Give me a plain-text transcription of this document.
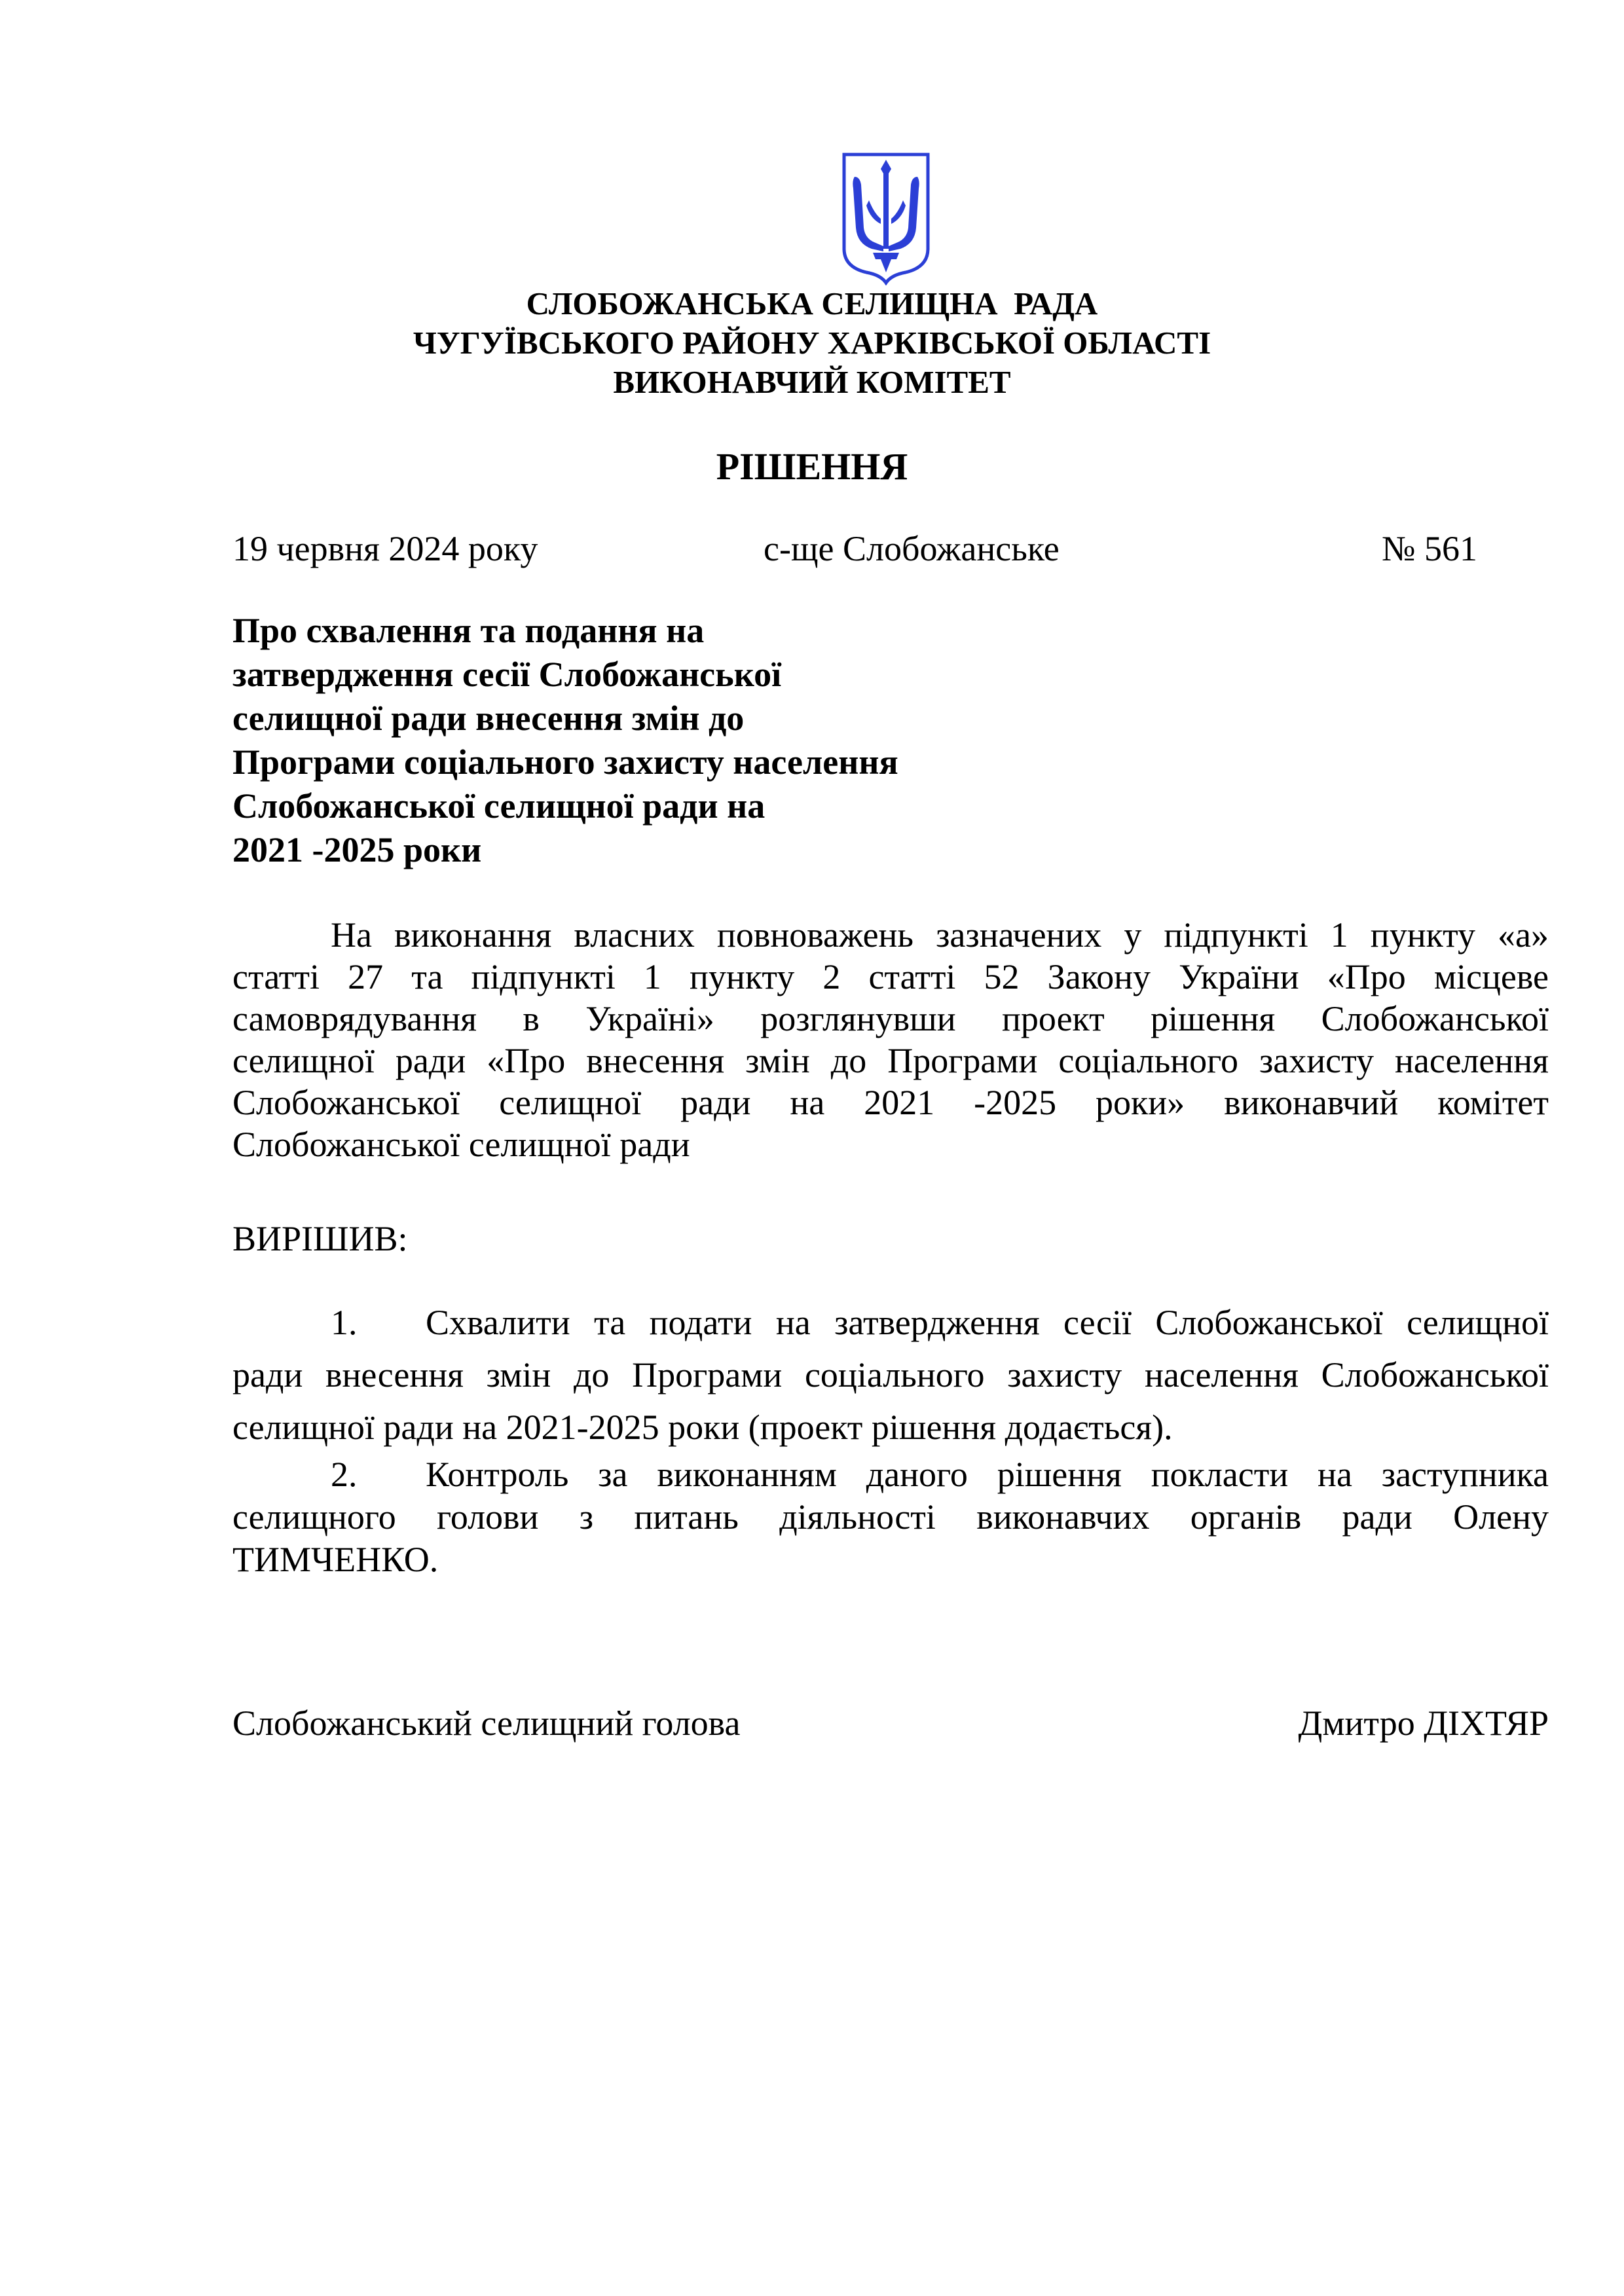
СЛОБОЖАНСЬКА СЕЛИЩНА  РАДА
ЧУГУЇВСЬКОГО РАЙОНУ ХАРКІВСЬКОЇ ОБЛАСТІ
ВИКОНАВЧИЙ КОМІТЕТ
РІШЕННЯ
19 червня 2024 року	с-ще Слобожанське	№ 561
Про схвалення та подання на
затвердження сесії Слобожанської
селищної ради внесення змін до
Програми соціального захисту населення
Слобожанської селищної ради на
2021 -2025 роки
На виконання власних повноважень зазначених у підпункті 1 пункту «а»
статті 27 та підпункті 1 пункту 2 статті 52 Закону України «Про місцеве
самоврядування в Україні» розглянувши проект рішення Слобожанської
селищної ради «Про внесення змін до Програми соціального захисту населення
Слобожанської селищної ради на 2021 -2025 роки» виконавчий комітет
Слобожанської селищної ради
ВИРІШИВ:
1. Схвалити та подати на затвердження сесії Слобожанської селищної
ради внесення змін до Програми соціального захисту населення Слобожанської
селищної ради на 2021-2025 роки (проект рішення додається).
2. Контроль за виконанням даного рішення покласти на заступника
селищного голови з питань діяльності виконавчих органів ради Олену
ТИМЧЕНКО.
Слобожанський селищний голова	Дмитро ДІХТЯР
